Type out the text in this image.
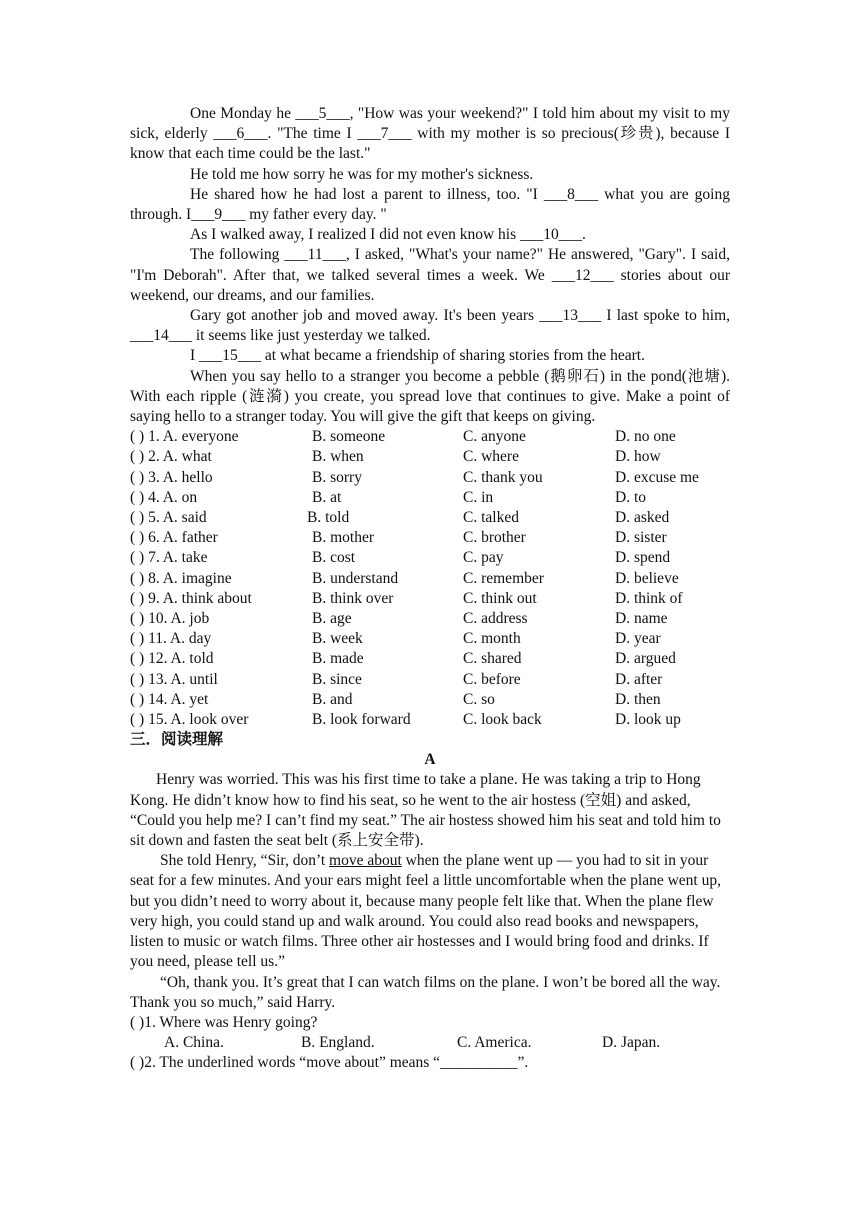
One Monday he ___5___, "How was your weekend?" I told him about my visit to my sick, elderly ___6___. "The time I ___7___ with my mother is so precious(珍贵), because I know that each time could be the last."

He told me how sorry he was for my mother's sickness.

He shared how he had lost a parent to illness, too. "I ___8___ what you are going through. I___9___ my father every day. "

As I walked away, I realized I did not even know his ___10___.

The following ___11___, I asked, "What's your name?" He answered, "Gary". I said, "I'm Deborah". After that, we talked several times a week. We ___12___ stories about our weekend, our dreams, and our families.

Gary got another job and moved away. It's been years ___13___ I last spoke to him, ___14___ it seems like just yesterday we talked.

I ___15___ at what became a friendship of sharing stories from the heart.

When you say hello to a stranger you become a pebble (鹅卵石) in the pond(池塘). With each ripple (涟漪) you create, you spread love that continues to give. Make a point of saying hello to a stranger today. You will give the gift that keeps on giving.

( ) 1. A. everyone	B. someone	C. anyone	D. no one
( ) 2. A. what	B. when	C. where	D. how
( ) 3. A. hello	B. sorry	C. thank you	D. excuse me
( ) 4. A. on	B. at	C. in	D. to
( ) 5. A. said	B. told	C. talked	D. asked
( ) 6. A. father	B. mother	C. brother	D. sister
( ) 7. A. take	B. cost	C. pay	D. spend
( ) 8. A. imagine	B. understand	C. remember	D. believe
( ) 9. A. think about	B. think over	C. think out	D. think of
( ) 10. A. job	B. age	C. address	D. name
( ) 11. A. day	B. week	C. month	D. year
( ) 12. A. told	B. made	C. shared	D. argued
( ) 13. A. until	B. since	C. before	D. after
( ) 14. A. yet	B. and	C. so	D. then
( ) 15. A. look over	B. look forward	C. look back	D. look up

三．阅读理解

A

Henry was worried. This was his first time to take a plane. He was taking a trip to Hong Kong. He didn’t know how to find his seat, so he went to the air hostess (空姐) and asked, “Could you help me? I can’t find my seat.” The air hostess showed him his seat and told him to sit down and fasten the seat belt (系上安全带).

She told Henry, “Sir, don’t move about when the plane went up — you had to sit in your seat for a few minutes. And your ears might feel a little uncomfortable when the plane went up, but you didn’t need to worry about it, because many people felt like that. When the plane flew very high, you could stand up and walk around. You could also read books and newspapers, listen to music or watch films. Three other air hostesses and I would bring food and drinks. If you need, please tell us.”

“Oh, thank you. It’s great that I can watch films on the plane. I won’t be bored all the way. Thank you so much,” said Harry.

( )1. Where was Henry going?

A. China.	B. England.	C. America.	D. Japan.

( )2. The underlined words “move about” means “__________”.
